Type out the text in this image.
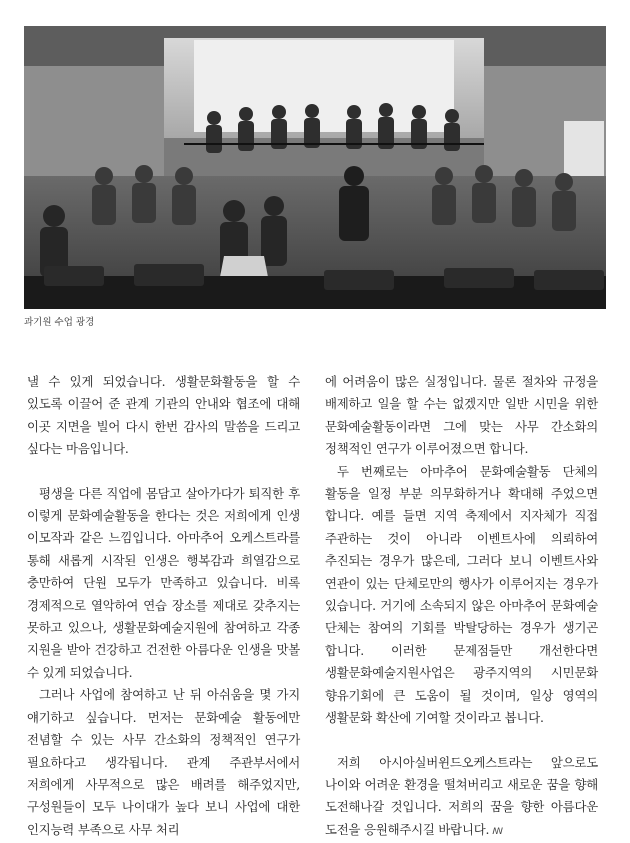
과기원 수업 광경

낼 수 있게 되었습니다. 생활문화활동을 할 수 있도록 이끌어 준 관계 기관의 안내와 협조에 대해 이곳 지면을 빌어 다시 한번 감사의 말씀을 드리고 싶다는 마음입니다.

평생을 다른 직업에 몸담고 살아가다가 퇴직한 후 이렇게 문화예술활동을 한다는 것은 저희에게 인생 이모작과 같은 느낌입니다. 아마추어 오케스트라를 통해 새롭게 시작된 인생은 행복감과 희열감으로 충만하여 단원 모두가 만족하고 있습니다. 비록 경제적으로 열악하여 연습 장소를 제대로 갖추지는 못하고 있으나, 생활문화예술지원에 참여하고 각종 지원을 받아 건강하고 건전한 아름다운 인생을 맛볼 수 있게 되었습니다.

그러나 사업에 참여하고 난 뒤 아쉬움을 몇 가지 얘기하고 싶습니다. 먼저는 문화예술 활동에만 전념할 수 있는 사무 간소화의 정책적인 연구가 필요하다고 생각됩니다. 관계 주관부서에서 저희에게 사무적으로 많은 배려를 해주었지만, 구성원들이 모두 나이대가 높다 보니 사업에 대한 인지능력 부족으로 사무 처리

에 어려움이 많은 실정입니다. 물론 절차와 규정을 배제하고 일을 할 수는 없겠지만 일반 시민을 위한 문화예술활동이라면 그에 맞는 사무 간소화의 정책적인 연구가 이루어졌으면 합니다.

두 번째로는 아마추어 문화예술활동 단체의 활동을 일정 부분 의무화하거나 확대해 주었으면 합니다. 예를 들면 지역 축제에서 지자체가 직접 주관하는 것이 아니라 이벤트사에 의뢰하여 추진되는 경우가 많은데, 그러다 보니 이벤트사와 연관이 있는 단체로만의 행사가 이루어지는 경우가 있습니다. 거기에 소속되지 않은 아마추어 문화예술 단체는 참여의 기회를 박탈당하는 경우가 생기곤 합니다. 이러한 문제점들만 개선한다면 생활문화예술지원사업은 광주지역의 시민문화 향유기회에 큰 도움이 될 것이며, 일상 영역의 생활문화 확산에 기여할 것이라고 봅니다.

저희 아시아실버윈드오케스트라는 앞으로도 나이와 어려운 환경을 떨쳐버리고 새로운 꿈을 향해 도전해나갈 것입니다. 저희의 꿈을 향한 아름다운 도전을 응원해주시길 바랍니다. ꟿ
